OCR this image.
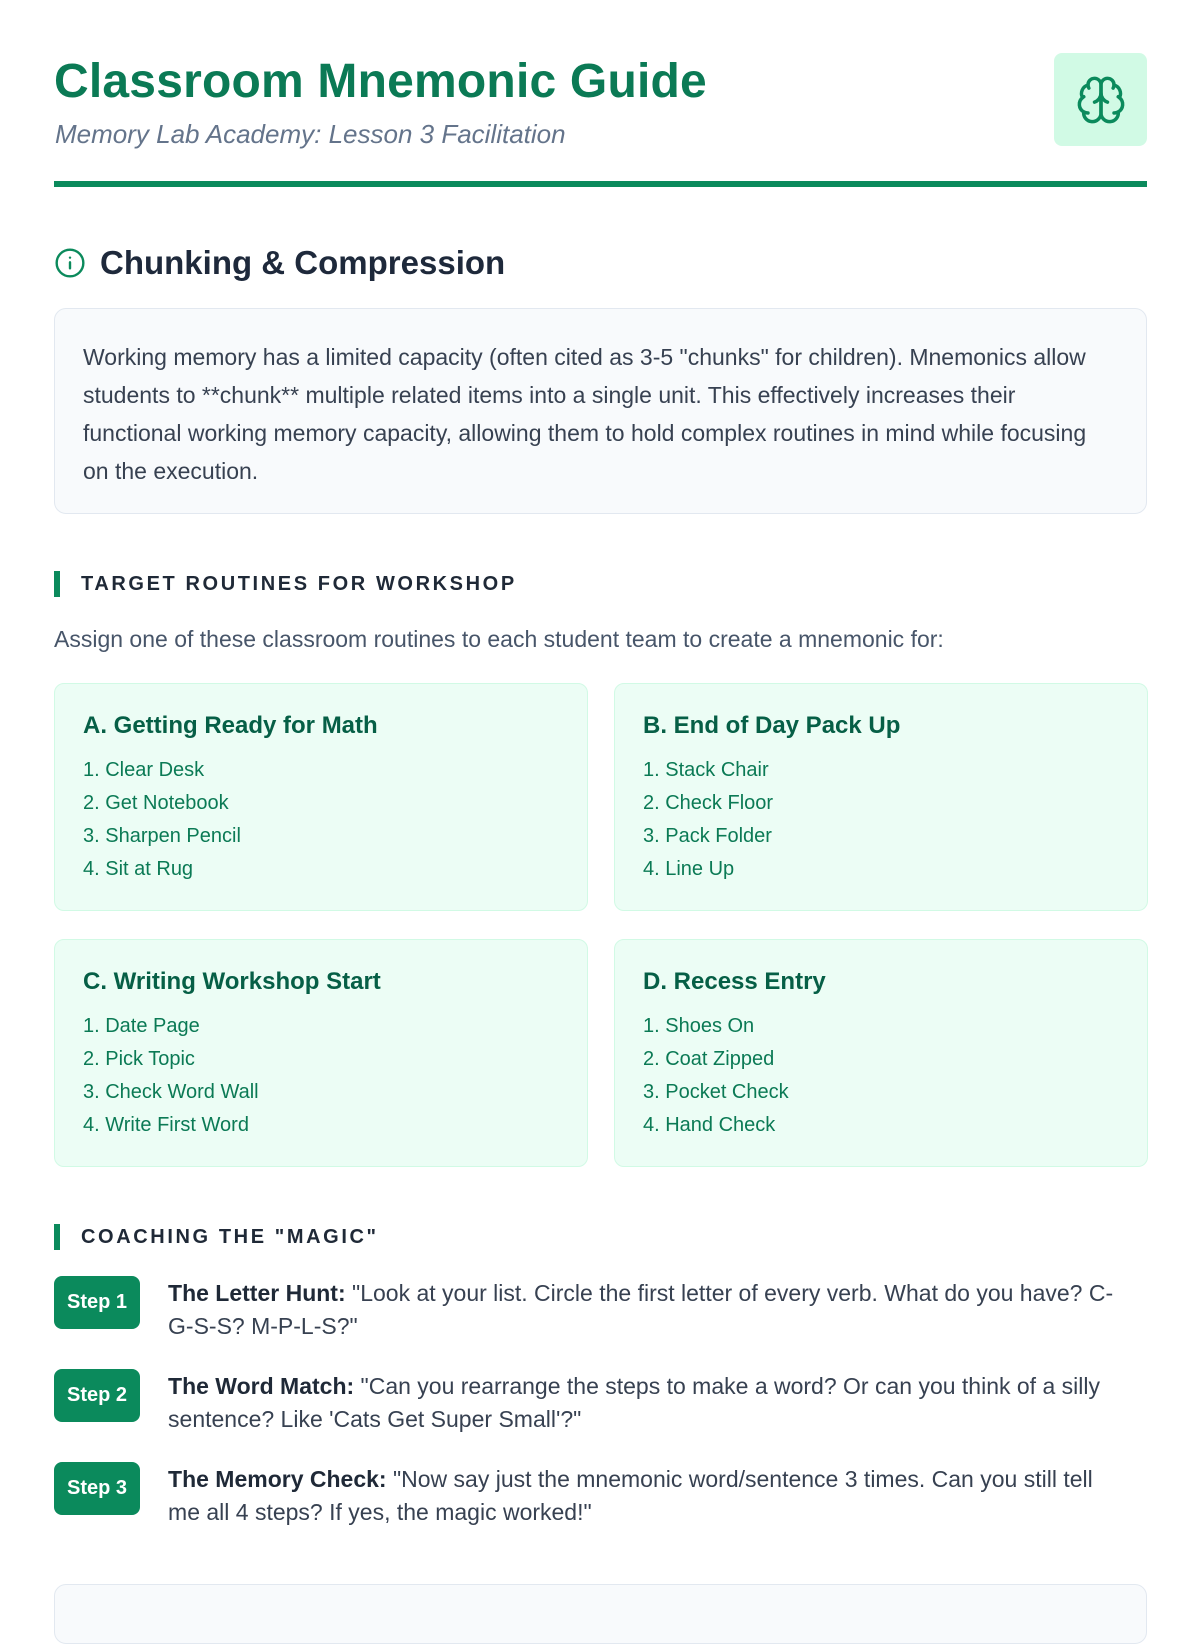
Classroom Mnemonic Guide

Memory Lab Academy: Lesson 3 Facilitation

Chunking & Compression
Working memory has a limited capacity (often cited as 3-5 "chunks" for children). Mnemonics allow students to **chunk** multiple related items into a single unit. This effectively increases their functional working memory capacity, allowing them to hold complex routines in mind while focusing on the execution.
TARGET ROUTINES FOR WORKSHOP

Assign one of these classroom routines to each student team to create a mnemonic for:

A. Getting Ready for Math
1. Clear Desk
2. Get Notebook
3. Sharpen Pencil
4. Sit at Rug
B. End of Day Pack Up
1. Stack Chair
2. Check Floor
3. Pack Folder
4. Line Up
C. Writing Workshop Start
1. Date Page
2. Pick Topic
3. Check Word Wall
4. Write First Word
D. Recess Entry
1. Shoes On
2. Coat Zipped
3. Pocket Check
4. Hand Check
COACHING THE "MAGIC"
Step 1	The Letter Hunt: "Look at your list. Circle the first letter of every verb. What do you have? C-G-S-S? M-P-L-S?"
Step 2	The Word Match: "Can you rearrange the steps to make a word? Or can you think of a silly sentence? Like 'Cats Get Super Small'?"
Step 3	The Memory Check: "Now say just the mnemonic word/sentence 3 times. Can you still tell me all 4 steps? If yes, the magic worked!"
